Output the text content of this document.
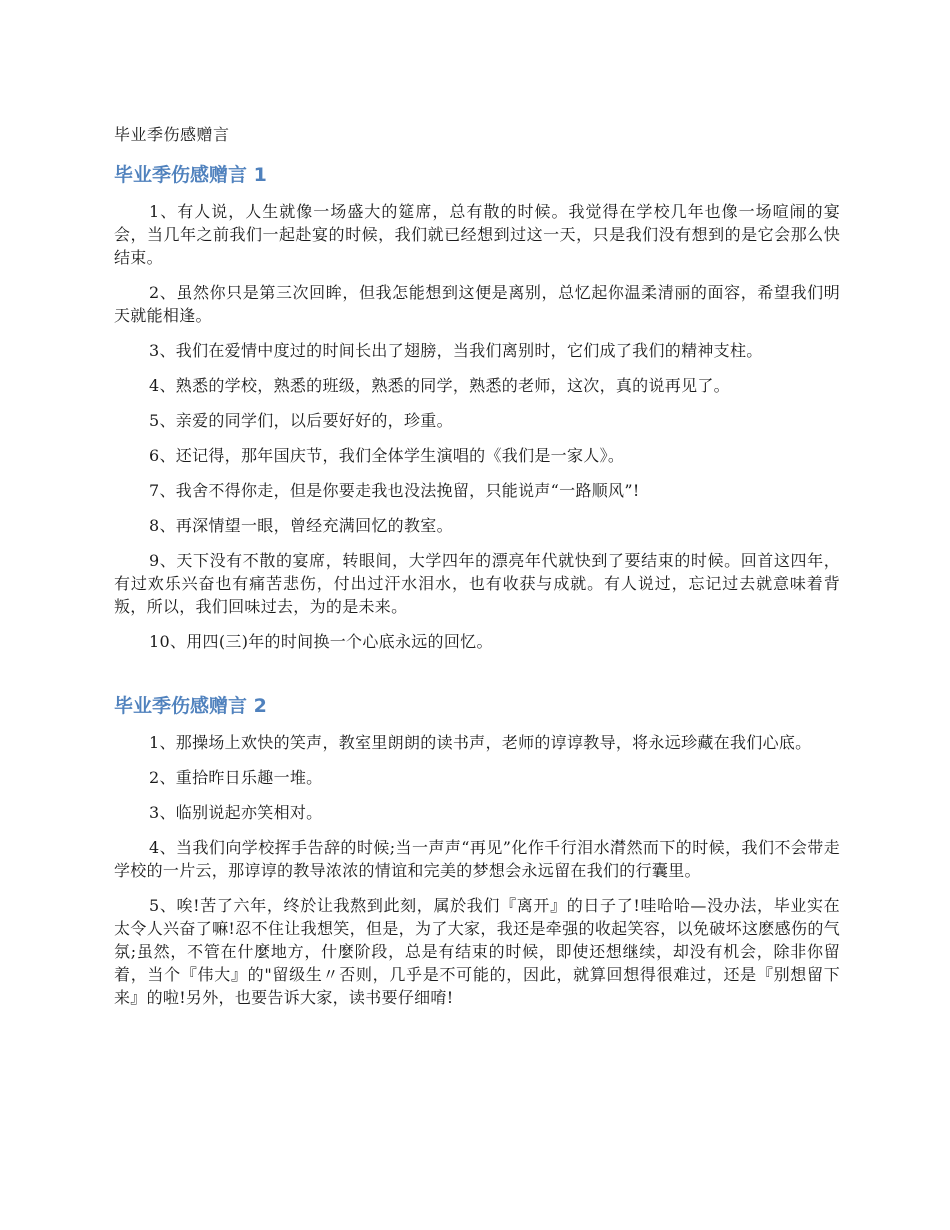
毕业季伤感赠言
毕业季伤感赠言 1

1、有人说，人生就像一场盛大的筵席，总有散的时候。我觉得在学校几年也像一场喧闹的宴会，当几年之前我们一起赴宴的时候，我们就已经想到过这一天，只是我们没有想到的是它会那么快结束。

2、虽然你只是第三次回眸，但我怎能想到这便是离别，总忆起你温柔清丽的面容，希望我们明天就能相逢。

3、我们在爱情中度过的时间长出了翅膀，当我们离别时，它们成了我们的精神支柱。

4、熟悉的学校，熟悉的班级，熟悉的同学，熟悉的老师，这次，真的说再见了。

5、亲爱的同学们，以后要好好的，珍重。

6、还记得，那年国庆节，我们全体学生演唱的《我们是一家人》。

7、我舍不得你走，但是你要走我也没法挽留，只能说声“一路顺风”!

8、再深情望一眼，曾经充满回忆的教室。

9、天下没有不散的宴席，转眼间，大学四年的漂亮年代就快到了要结束的时候。回首这四年，有过欢乐兴奋也有痛苦悲伤，付出过汗水泪水，也有收获与成就。有人说过，忘记过去就意味着背叛，所以，我们回味过去，为的是未来。

10、用四(三)年的时间换一个心底永远的回忆。

毕业季伤感赠言 2

1、那操场上欢快的笑声，教室里朗朗的读书声，老师的谆谆教导，将永远珍藏在我们心底。

2、重拾昨日乐趣一堆。

3、临别说起亦笑相对。

4、当我们向学校挥手告辞的时候;当一声声“再见”化作千行泪水潸然而下的时候，我们不会带走学校的一片云，那谆谆的教导浓浓的情谊和完美的梦想会永远留在我们的行囊里。

5、唉!苦了六年，终於让我熬到此刻，属於我们『离开』的日子了!哇哈哈—没办法，毕业实在太令人兴奋了嘛!忍不住让我想笑，但是，为了大家，我还是牵强的收起笑容，以免破坏这麽感伤的气氛;虽然，不管在什麼地方，什麼阶段，总是有结束的时候，即使还想继续，却没有机会，除非你留着，当个『伟大』的"留级生〃否则，几乎是不可能的，因此，就算回想得很难过，还是『别想留下来』的啦!另外，也要告诉大家，读书要仔细唷!
